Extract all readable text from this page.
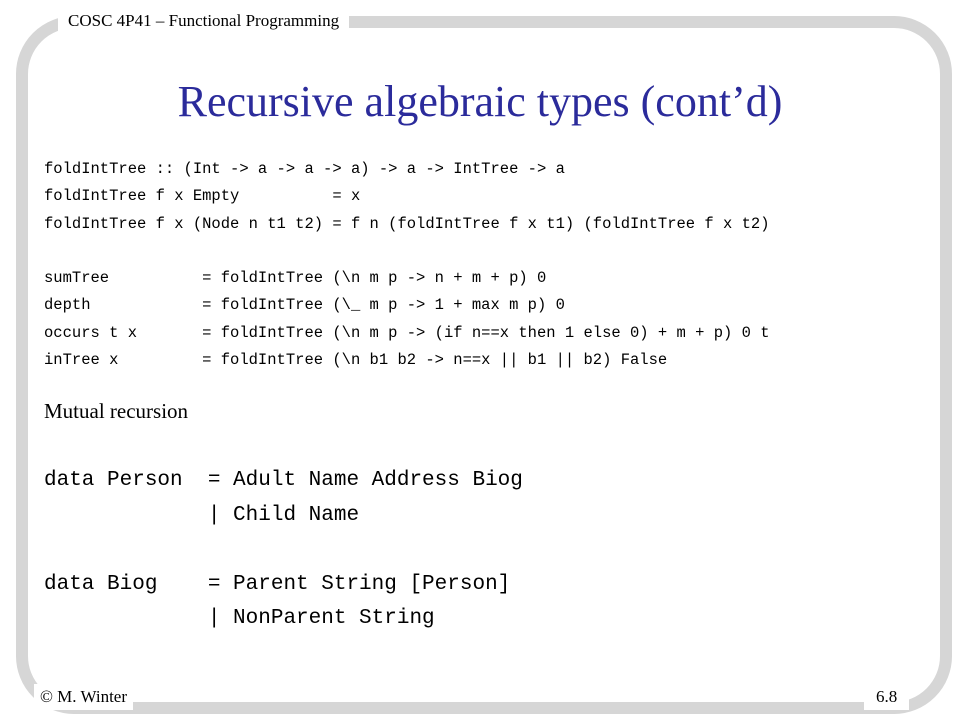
COSC 4P41 – Functional Programming
Recursive algebraic types (cont’d)
foldIntTree :: (Int -> a -> a -> a) -> a -> IntTree -> a
foldIntTree f x Empty          = x
foldIntTree f x (Node n t1 t2) = f n (foldIntTree f x t1) (foldIntTree f x t2)
sumTree          = foldIntTree (\n m p -> n + m + p) 0
depth            = foldIntTree (\_ m p -> 1 + max m p) 0
occurs t x       = foldIntTree (\n m p -> (if n==x then 1 else 0) + m + p) 0 t
inTree x         = foldIntTree (\n b1 b2 -> n==x || b1 || b2) False
Mutual recursion
data Person  = Adult Name Address Biog
| Child Name
data Biog    = Parent String [Person]
| NonParent String
© M. Winter	6.8
